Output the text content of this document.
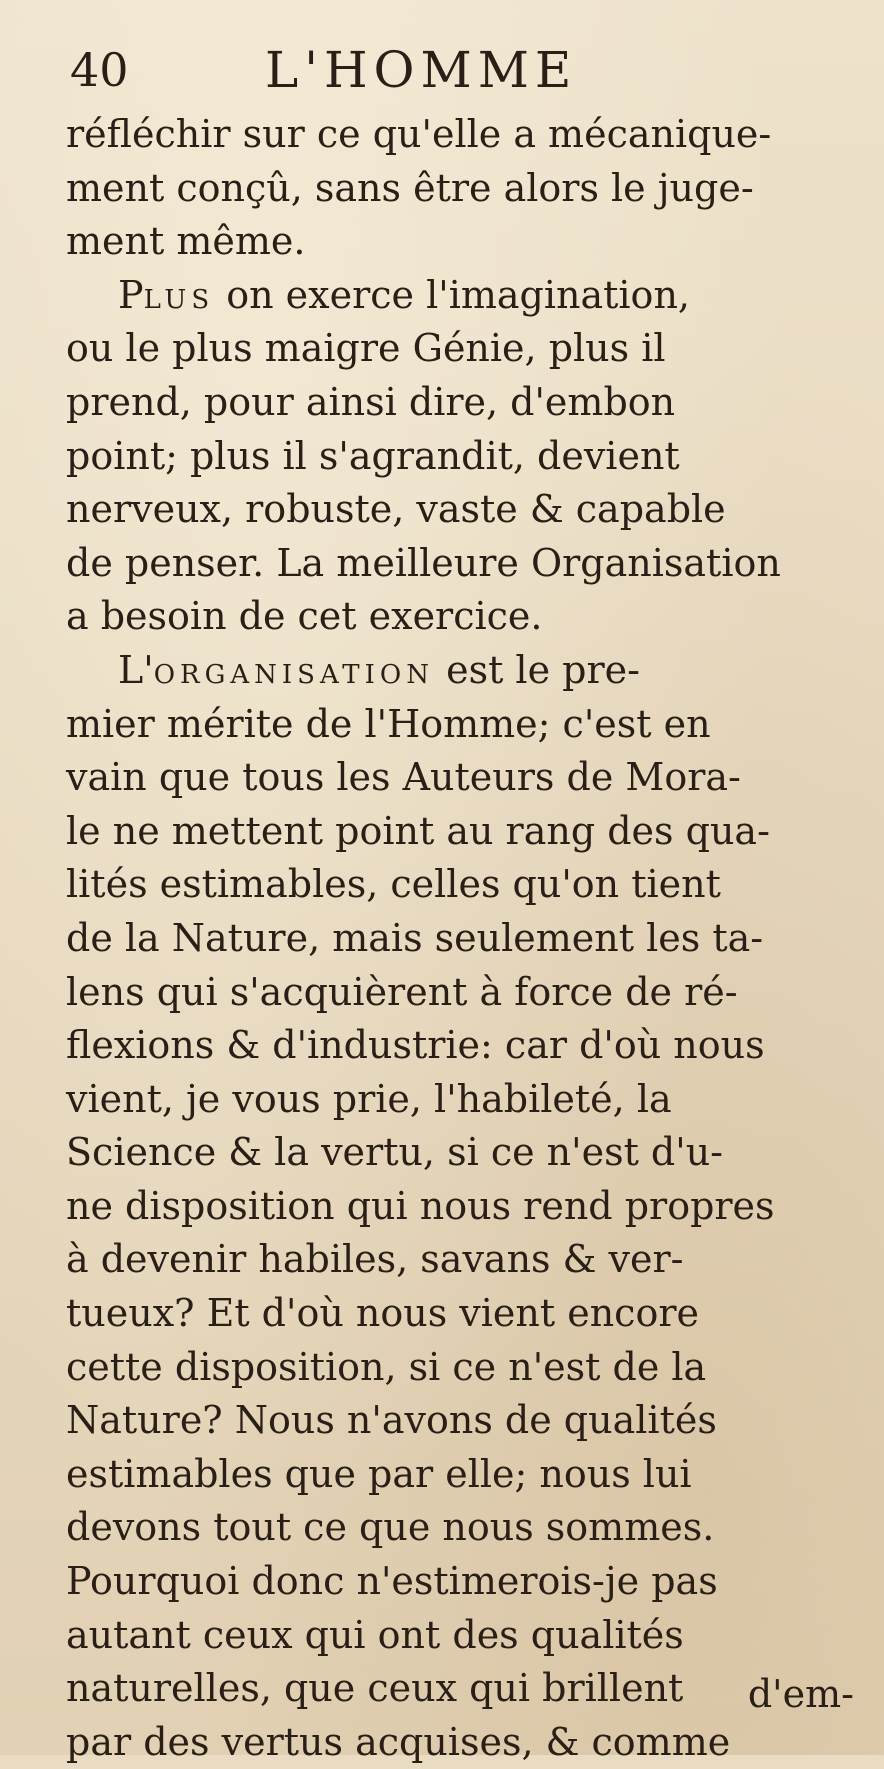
40	L'HOMME
réfléchir sur ce qu'elle a mécanique-
ment conçû, sans être alors le juge-
ment même.
PLUS on exerce l'imagination,
ou le plus maigre Génie, plus il
prend, pour ainsi dire, d'embon
point; plus il s'agrandit, devient
nerveux, robuste, vaste & capable
de penser. La meilleure Organisation
a besoin de cet exercice.
L'ORGANISATION est le pre-
mier mérite de l'Homme; c'est en
vain que tous les Auteurs de Mora-
le ne mettent point au rang des qua-
lités estimables, celles qu'on tient
de la Nature, mais seulement les ta-
lens qui s'acquièrent à force de ré-
flexions & d'industrie: car d'où nous
vient, je vous prie, l'habileté, la
Science & la vertu, si ce n'est d'u-
ne disposition qui nous rend propres
à devenir habiles, savans & ver-
tueux? Et d'où nous vient encore
cette disposition, si ce n'est de la
Nature? Nous n'avons de qualités
estimables que par elle; nous lui
devons tout ce que nous sommes.
Pourquoi donc n'estimerois-je pas
autant ceux qui ont des qualités
naturelles, que ceux qui brillent
par des vertus acquises, & comme
d'em-
